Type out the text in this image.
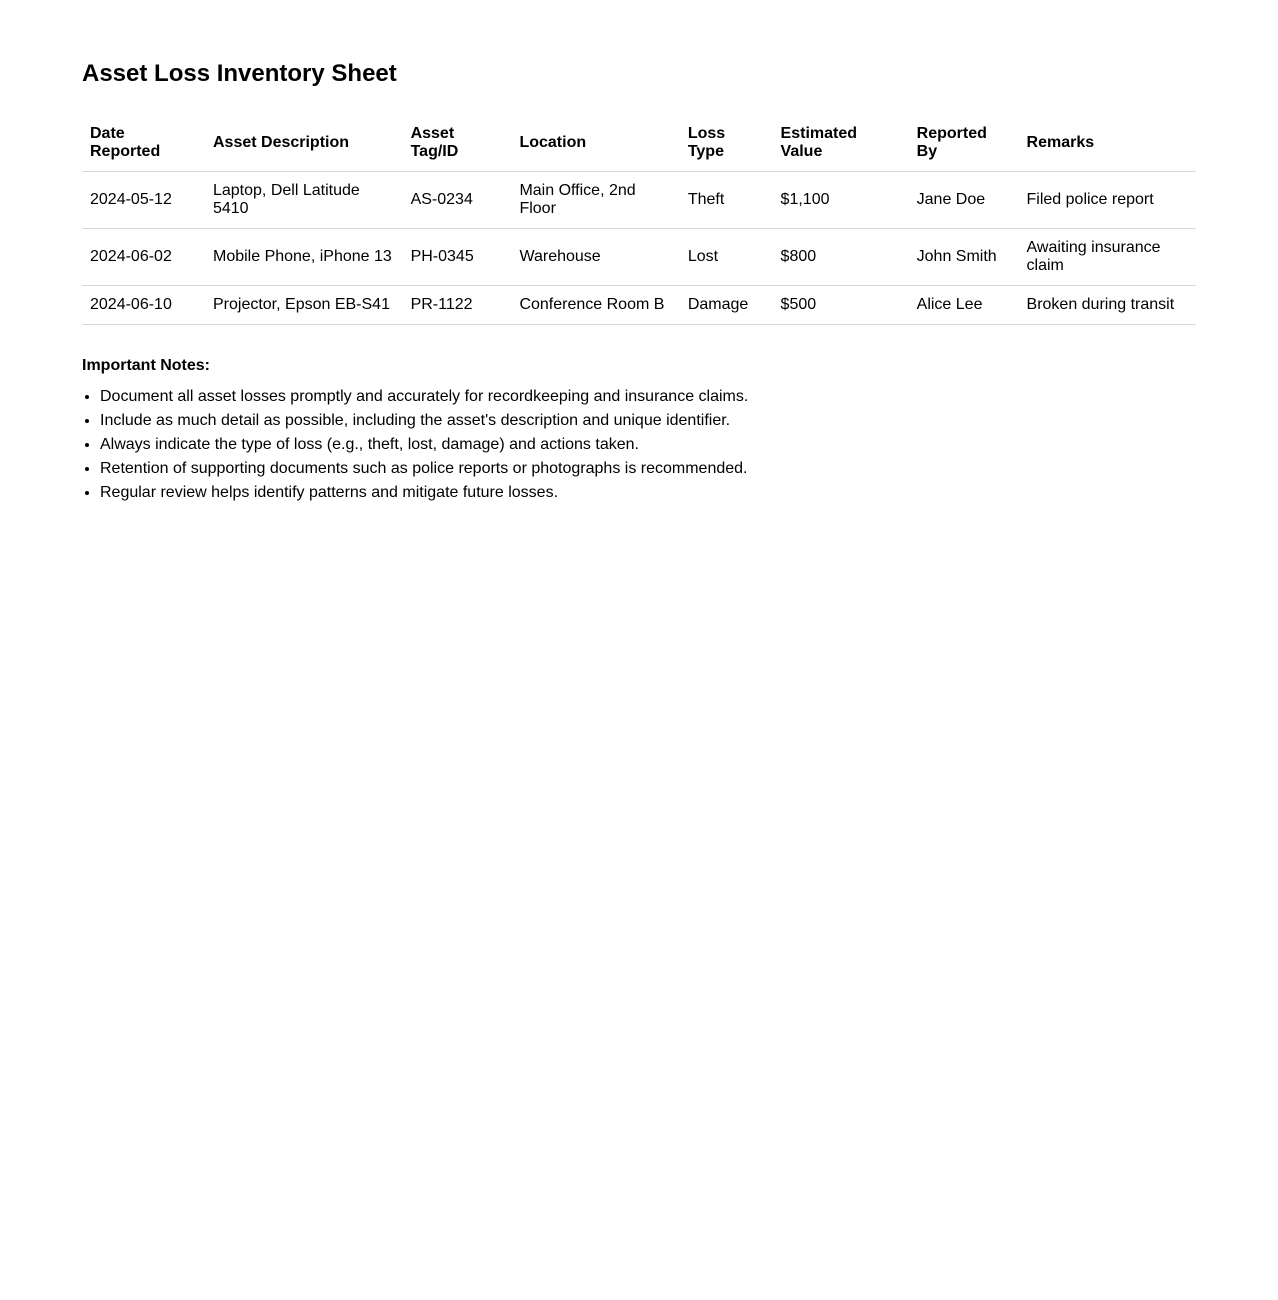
Asset Loss Inventory Sheet
Date Reported	Asset Description	Asset Tag/ID	Location	Loss Type	Estimated Value	Reported By	Remarks
2024-05-12	Laptop, Dell Latitude 5410	AS-0234	Main Office, 2nd Floor	Theft	$1,100	Jane Doe	Filed police report
2024-06-02	Mobile Phone, iPhone 13	PH-0345	Warehouse	Lost	$800	John Smith	Awaiting insurance claim
2024-06-10	Projector, Epson EB-S41	PR-1122	Conference Room B	Damage	$500	Alice Lee	Broken during transit
Important Notes:
• Document all asset losses promptly and accurately for recordkeeping and insurance claims.
• Include as much detail as possible, including the asset's description and unique identifier.
• Always indicate the type of loss (e.g., theft, lost, damage) and actions taken.
• Retention of supporting documents such as police reports or photographs is recommended.
• Regular review helps identify patterns and mitigate future losses.
